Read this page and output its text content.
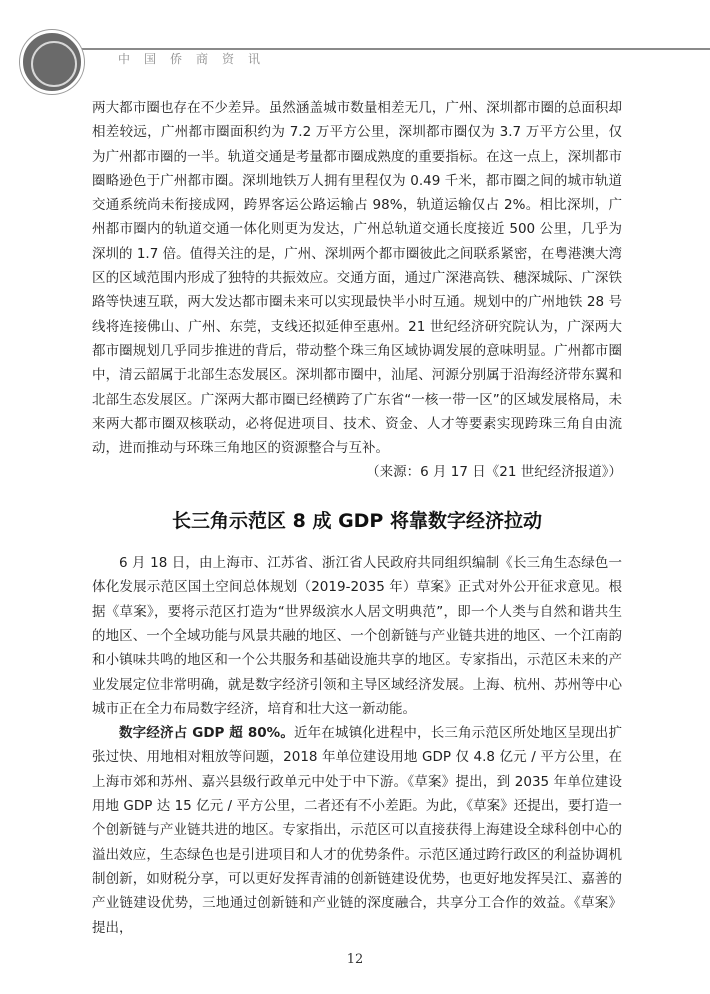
中国侨商资讯

两大都市圈也存在不少差异。虽然涵盖城市数量相差无几，广州、深圳都市圈的总面积却相差较远，广州都市圈面积约为 7.2 万平方公里，深圳都市圈仅为 3.7 万平方公里，仅为广州都市圈的一半。轨道交通是考量都市圈成熟度的重要指标。在这一点上，深圳都市圈略逊色于广州都市圈。深圳地铁万人拥有里程仅为 0.49 千米，都市圈之间的城市轨道交通系统尚未衔接成网，跨界客运公路运输占 98%，轨道运输仅占 2%。相比深圳，广州都市圈内的轨道交通一体化则更为发达，广州总轨道交通长度接近 500 公里，几乎为深圳的 1.7 倍。值得关注的是，广州、深圳两个都市圈彼此之间联系紧密，在粤港澳大湾区的区域范围内形成了独特的共振效应。交通方面，通过广深港高铁、穗深城际、广深铁路等快速互联，两大发达都市圈未来可以实现最快半小时互通。规划中的广州地铁 28 号线将连接佛山、广州、东莞，支线还拟延伸至惠州。21 世纪经济研究院认为，广深两大都市圈规划几乎同步推进的背后，带动整个珠三角区域协调发展的意味明显。广州都市圈中，清云韶属于北部生态发展区。深圳都市圈中，汕尾、河源分别属于沿海经济带东翼和北部生态发展区。广深两大都市圈已经横跨了广东省“一核一带一区”的区域发展格局，未来两大都市圈双核联动，必将促进项目、技术、资金、人才等要素实现跨珠三角自由流动，进而推动与环珠三角地区的资源整合与互补。

（来源：6 月 17 日《21 世纪经济报道》）

长三角示范区 8 成 GDP 将靠数字经济拉动

6 月 18 日，由上海市、江苏省、浙江省人民政府共同组织编制《长三角生态绿色一体化发展示范区国土空间总体规划（2019-2035 年）草案》正式对外公开征求意见。根据《草案》，要将示范区打造为“世界级滨水人居文明典范”，即一个人类与自然和谐共生的地区、一个全域功能与风景共融的地区、一个创新链与产业链共进的地区、一个江南韵和小镇味共鸣的地区和一个公共服务和基础设施共享的地区。专家指出，示范区未来的产业发展定位非常明确，就是数字经济引领和主导区域经济发展。上海、杭州、苏州等中心城市正在全力布局数字经济，培育和壮大这一新动能。

数字经济占 GDP 超 80%。近年在城镇化进程中，长三角示范区所处地区呈现出扩张过快、用地相对粗放等问题，2018 年单位建设用地 GDP 仅 4.8 亿元 / 平方公里，在上海市郊和苏州、嘉兴县级行政单元中处于中下游。《草案》提出，到 2035 年单位建设用地 GDP 达 15 亿元 / 平方公里，二者还有不小差距。为此，《草案》还提出，要打造一个创新链与产业链共进的地区。专家指出，示范区可以直接获得上海建设全球科创中心的溢出效应，生态绿色也是引进项目和人才的优势条件。示范区通过跨行政区的利益协调机制创新，如财税分享，可以更好发挥青浦的创新链建设优势，也更好地发挥吴江、嘉善的产业链建设优势，三地通过创新链和产业链的深度融合，共享分工合作的效益。《草案》提出，

12
